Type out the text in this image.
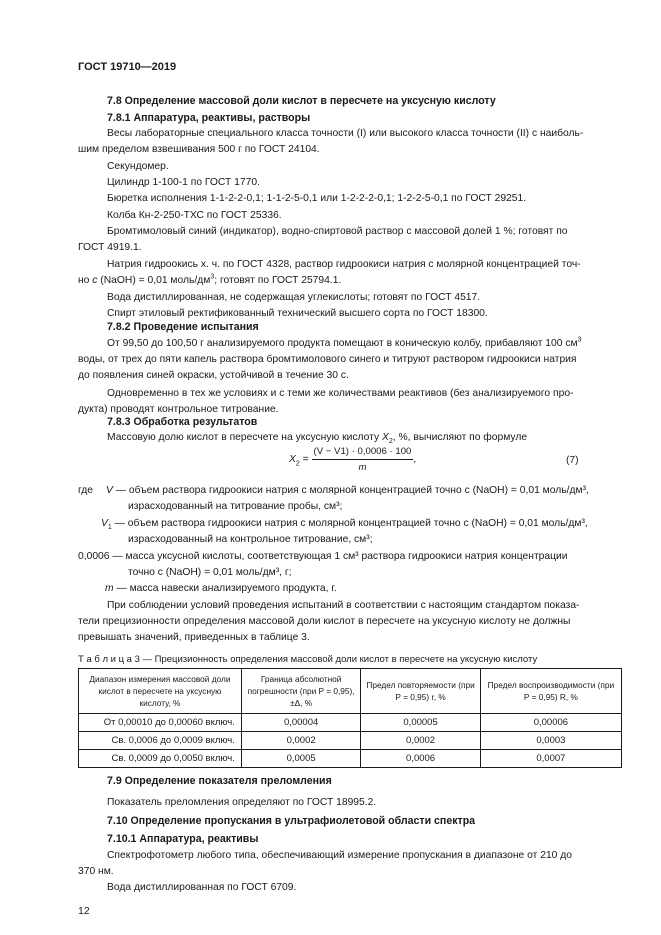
ГОСТ 19710—2019
7.8 Определение массовой доли кислот в пересчете на уксусную кислоту
7.8.1 Аппаратура, реактивы, растворы
Весы лабораторные специального класса точности (I) или высокого класса точности (II) с наиболь-
шим пределом взвешивания 500 г по ГОСТ 24104.
Секундомер.
Цилиндр 1-100-1 по ГОСТ 1770.
Бюретка исполнения 1-1-2-2-0,1; 1-1-2-5-0,1 или 1-2-2-2-0,1; 1-2-2-5-0,1 по ГОСТ 29251.
Колба Кн-2-250-ТХС по ГОСТ 25336.
Бромтимоловый синий (индикатор), водно-спиртовой раствор с массовой долей 1 %; готовят по
ГОСТ 4919.1.
Натрия гидроокись х. ч. по ГОСТ 4328, раствор гидроокиси натрия с молярной концентрацией точ-
но c (NaOH) = 0,01 моль/$дм^3$; готовят по ГОСТ 25794.1.
Вода дистиллированная, не содержащая углекислоты; готовят по ГОСТ 4517.
Спирт этиловый ректификованный технический высшего сорта по ГОСТ 18300.
7.8.2 Проведение испытания
От 99,50 до 100,50 г анализируемого продукта помещают в коническую колбу, прибавляют 100 $см^3$
воды, от трех до пяти капель раствора бромтимолового синего и титруют раствором гидроокиси натрия
до появления синей окраски, устойчивой в течение 30 с.
Одновременно в тех же условиях и с теми же количествами реактивов (без анализируемого про-
дукта) проводят контрольное титрование.
7.8.3 Обработка результатов
Массовую долю кислот в пересчете на уксусную кислоту $X_2$, %, вычисляют по формуле
$X_2 = \frac{(V - V1) \cdot 0,0006 \cdot 100}{m}$ ,	(7)
где V — объем раствора гидроокиси натрия с молярной концентрацией точно c (NaOH) = 0,01 моль/дм³,
израсходованный на титрование пробы, см³;
$V_1$ — объем раствора гидроокиси натрия с молярной концентрацией точно c (NaOH) = 0,01 моль/дм³,
израсходованный на контрольное титрование, см³;
0,0006 — масса уксусной кислоты, соответствующая 1 см³ раствора гидроокиси натрия концентрации
точно c (NaOH) = 0,01 моль/дм³, г;
m — масса навески анализируемого продукта, г.
При соблюдении условий проведения испытаний в соответствии с настоящим стандартом показа-
тели прецизионности определения массовой доли кислот в пересчете на уксусную кислоту не должны
превышать значений, приведенных в таблице 3.
Т а б л и ц а 3 — Прецизионность определения массовой доли кислот в пересчете на уксусную кислоту
Диапазон измерения массовой доли кислот в пересчете на уксусную кислоту, %	Граница абсолютной погрешности (при P = 0,95), ±Δ, %	Предел повторяемости (при P = 0,95) r, %	Предел воспроизводимости (при P = 0,95) R, %
От 0,00010 до 0,00060 включ.	0,00004	0,00005	0,00006
Св. 0,0006 до 0,0009 включ.	0,0002	0,0002	0,0003
Св. 0,0009 до 0,0050 включ.	0,0005	0,0006	0,0007
7.9 Определение показателя преломления
Показатель преломления определяют по ГОСТ 18995.2.
7.10 Определение пропускания в ультрафиолетовой области спектра
7.10.1 Аппаратура, реактивы
Спектрофотометр любого типа, обеспечивающий измерение пропускания в диапазоне от 210 до
370 нм.
Вода дистиллированная по ГОСТ 6709.
12
